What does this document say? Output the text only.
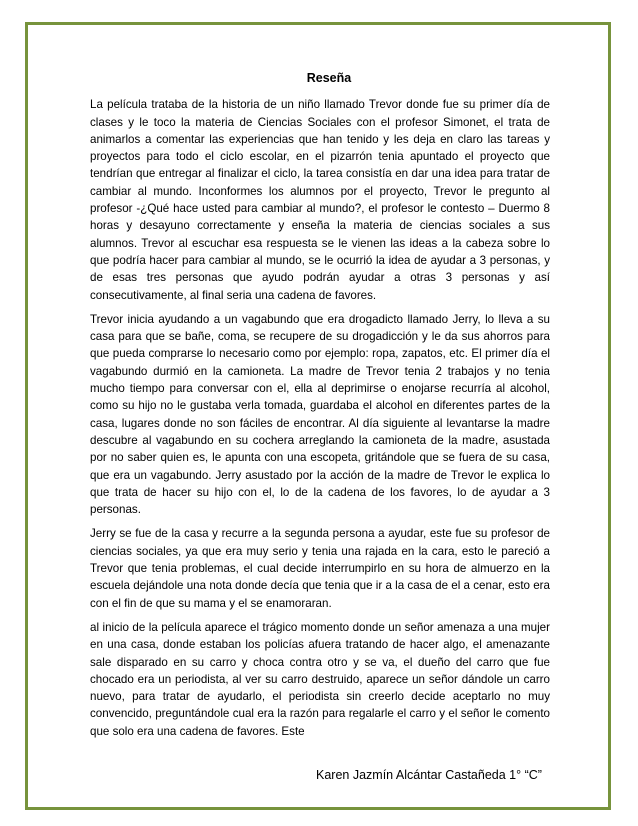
Reseña

La película trataba de la historia de un niño llamado Trevor donde fue su primer día de clases y le toco la materia de Ciencias Sociales con el profesor Simonet, el trata de animarlos a comentar las experiencias que han tenido y les deja en claro las tareas y proyectos para todo el ciclo escolar, en el pizarrón tenia apuntado el proyecto que tendrían que entregar al finalizar el ciclo, la tarea consistía en dar una idea para tratar de cambiar al mundo. Inconformes los alumnos por el proyecto, Trevor le pregunto al profesor -¿Qué hace usted para cambiar al mundo?, el profesor le contesto – Duermo 8 horas y desayuno correctamente y enseña la materia de ciencias sociales a sus alumnos. Trevor al escuchar esa respuesta se le vienen las ideas a la cabeza sobre lo que podría hacer para cambiar al mundo, se le ocurrió la idea de ayudar a 3 personas, y de esas tres personas que ayudo podrán ayudar a otras 3 personas y así consecutivamente, al final seria una cadena de favores.

Trevor inicia ayudando a un vagabundo que era drogadicto llamado Jerry, lo lleva a su casa para que se bañe, coma, se recupere de su drogadicción y le da sus ahorros para que pueda comprarse lo necesario como por ejemplo: ropa, zapatos, etc. El primer día el vagabundo durmió en la camioneta. La madre de Trevor tenia 2 trabajos y no tenia mucho tiempo para conversar con el, ella al deprimirse o enojarse recurría al alcohol, como su hijo no le gustaba verla tomada, guardaba el alcohol en diferentes partes de la casa, lugares donde no son fáciles de encontrar. Al día siguiente al levantarse la madre descubre al vagabundo en su cochera arreglando la camioneta de la madre, asustada por no saber quien es, le apunta con una escopeta, gritándole que se fuera de su casa, que era un vagabundo. Jerry asustado por la acción de la madre de Trevor le explica lo que trata de hacer su hijo con el, lo de la cadena de los favores, lo de ayudar a 3 personas.

Jerry se fue de la casa y recurre a la segunda persona a ayudar, este fue su profesor de ciencias sociales, ya que era muy serio y tenia una rajada en la cara, esto le pareció a Trevor que tenia problemas, el cual decide interrumpirlo en su hora de almuerzo en la escuela dejándole una nota donde decía que tenia que ir a la casa de el a cenar, esto era con el fin de que su mama y el se enamoraran.

al inicio de la película aparece el trágico momento donde un señor amenaza a una mujer en una casa, donde estaban los policías afuera tratando de hacer algo, el amenazante sale disparado en su carro y choca contra otro y se va, el dueño del carro que fue chocado era un periodista, al ver su carro destruido, aparece un señor dándole un carro nuevo, para tratar de ayudarlo, el periodista sin creerlo decide aceptarlo no muy convencido, preguntándole cual era la razón para regalarle el carro y el señor le comento que solo era una cadena de favores. Este

Karen Jazmín Alcántar Castañeda 1° “C”
